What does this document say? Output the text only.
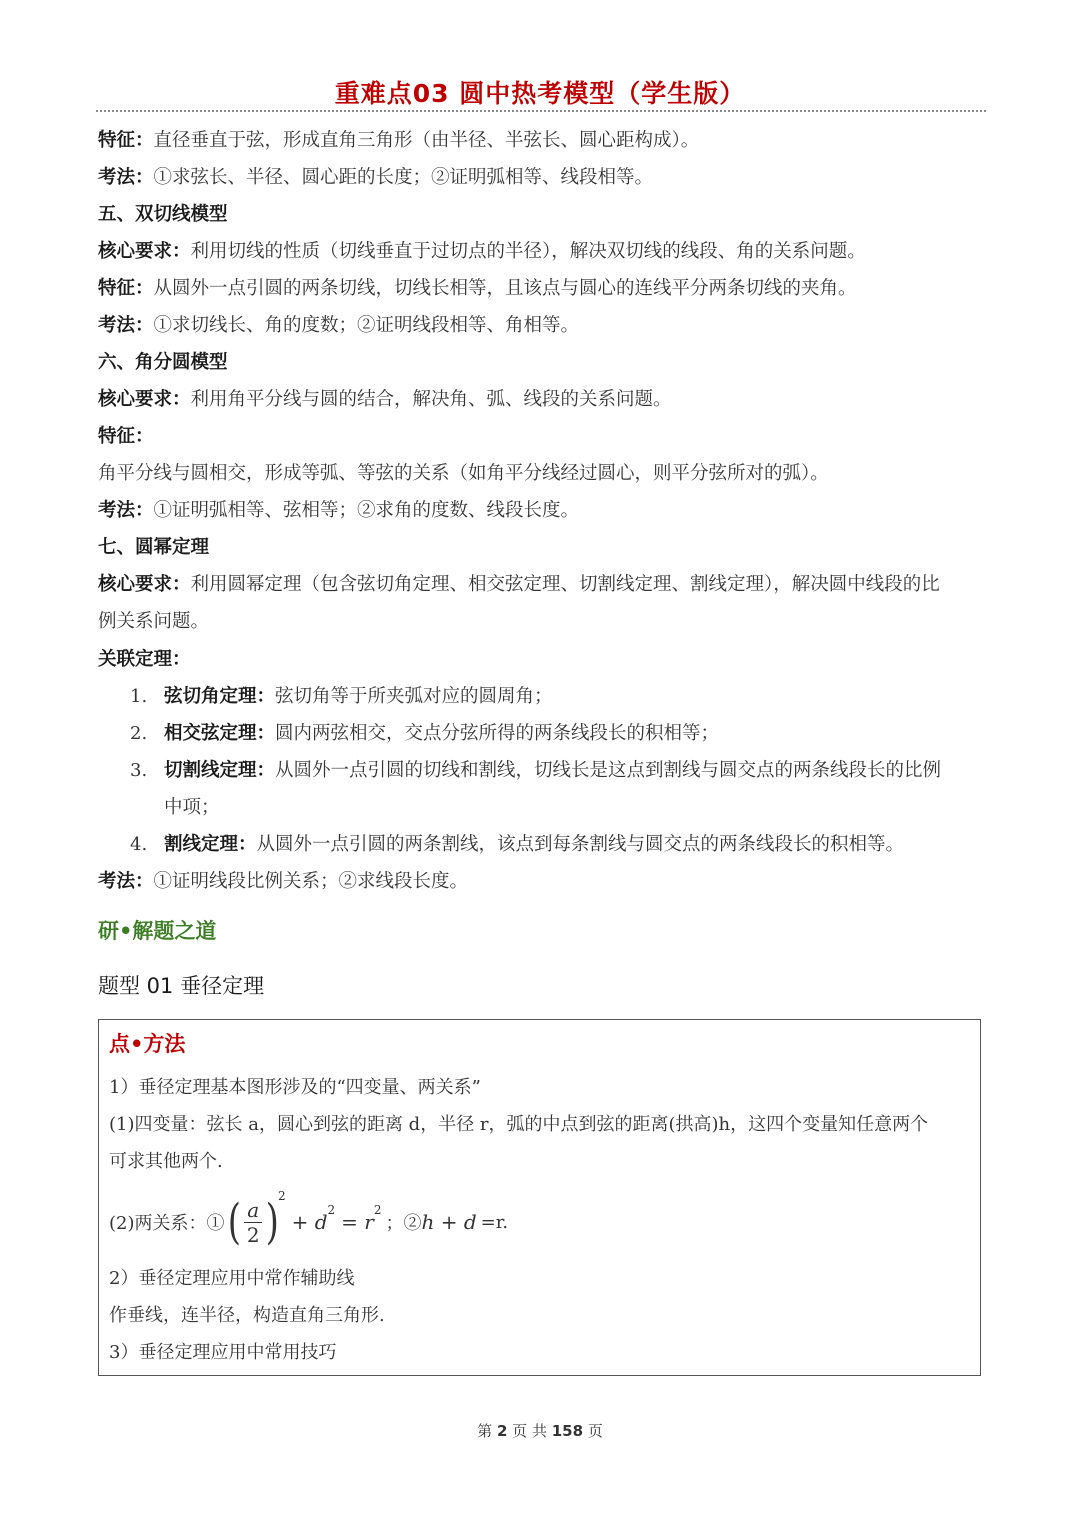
重难点03 圆中热考模型（学生版）
特征：直径垂直于弦，形成直角三角形（由半径、半弦长、圆心距构成）。
考法：①求弦长、半径、圆心距的长度；②证明弧相等、线段相等。
五、双切线模型
核心要求：利用切线的性质（切线垂直于过切点的半径），解决双切线的线段、角的关系问题。
特征：从圆外一点引圆的两条切线，切线长相等，且该点与圆心的连线平分两条切线的夹角。
考法：①求切线长、角的度数；②证明线段相等、角相等。
六、角分圆模型
核心要求：利用角平分线与圆的结合，解决角、弧、线段的关系问题。
特征：
角平分线与圆相交，形成等弧、等弦的关系（如角平分线经过圆心，则平分弦所对的弧）。
考法：①证明弧相等、弦相等；②求角的度数、线段长度。
七、圆幂定理
核心要求：利用圆幂定理（包含弦切角定理、相交弦定理、切割线定理、割线定理），解决圆中线段的比
例关系问题。
关联定理：
1. 弦切角定理：弦切角等于所夹弧对应的圆周角；
2. 相交弦定理：圆内两弦相交，交点分弦所得的两条线段长的积相等；
3. 切割线定理：从圆外一点引圆的切线和割线，切线长是这点到割线与圆交点的两条线段长的比例
中项；
4. 割线定理：从圆外一点引圆的两条割线，该点到每条割线与圆交点的两条线段长的积相等。
考法：①证明线段比例关系；②求线段长度。
研•解题之道
题型 01 垂径定理
点•方法
1）垂径定理基本图形涉及的“四变量、两关系”
(1)四变量：弦长 a，圆心到弦的距离 d，半径 r，弧的中点到弦的距离(拱高)h，这四个变量知任意两个
可求其他两个.
(2)两关系：① ( $\frac{a}{2}$ )
2
+ d 2 = r 2
；② h + d =r.
2）垂径定理应用中常作辅助线
作垂线，连半径，构造直角三角形.
3）垂径定理应用中常用技巧
第 2 页 共 158 页
